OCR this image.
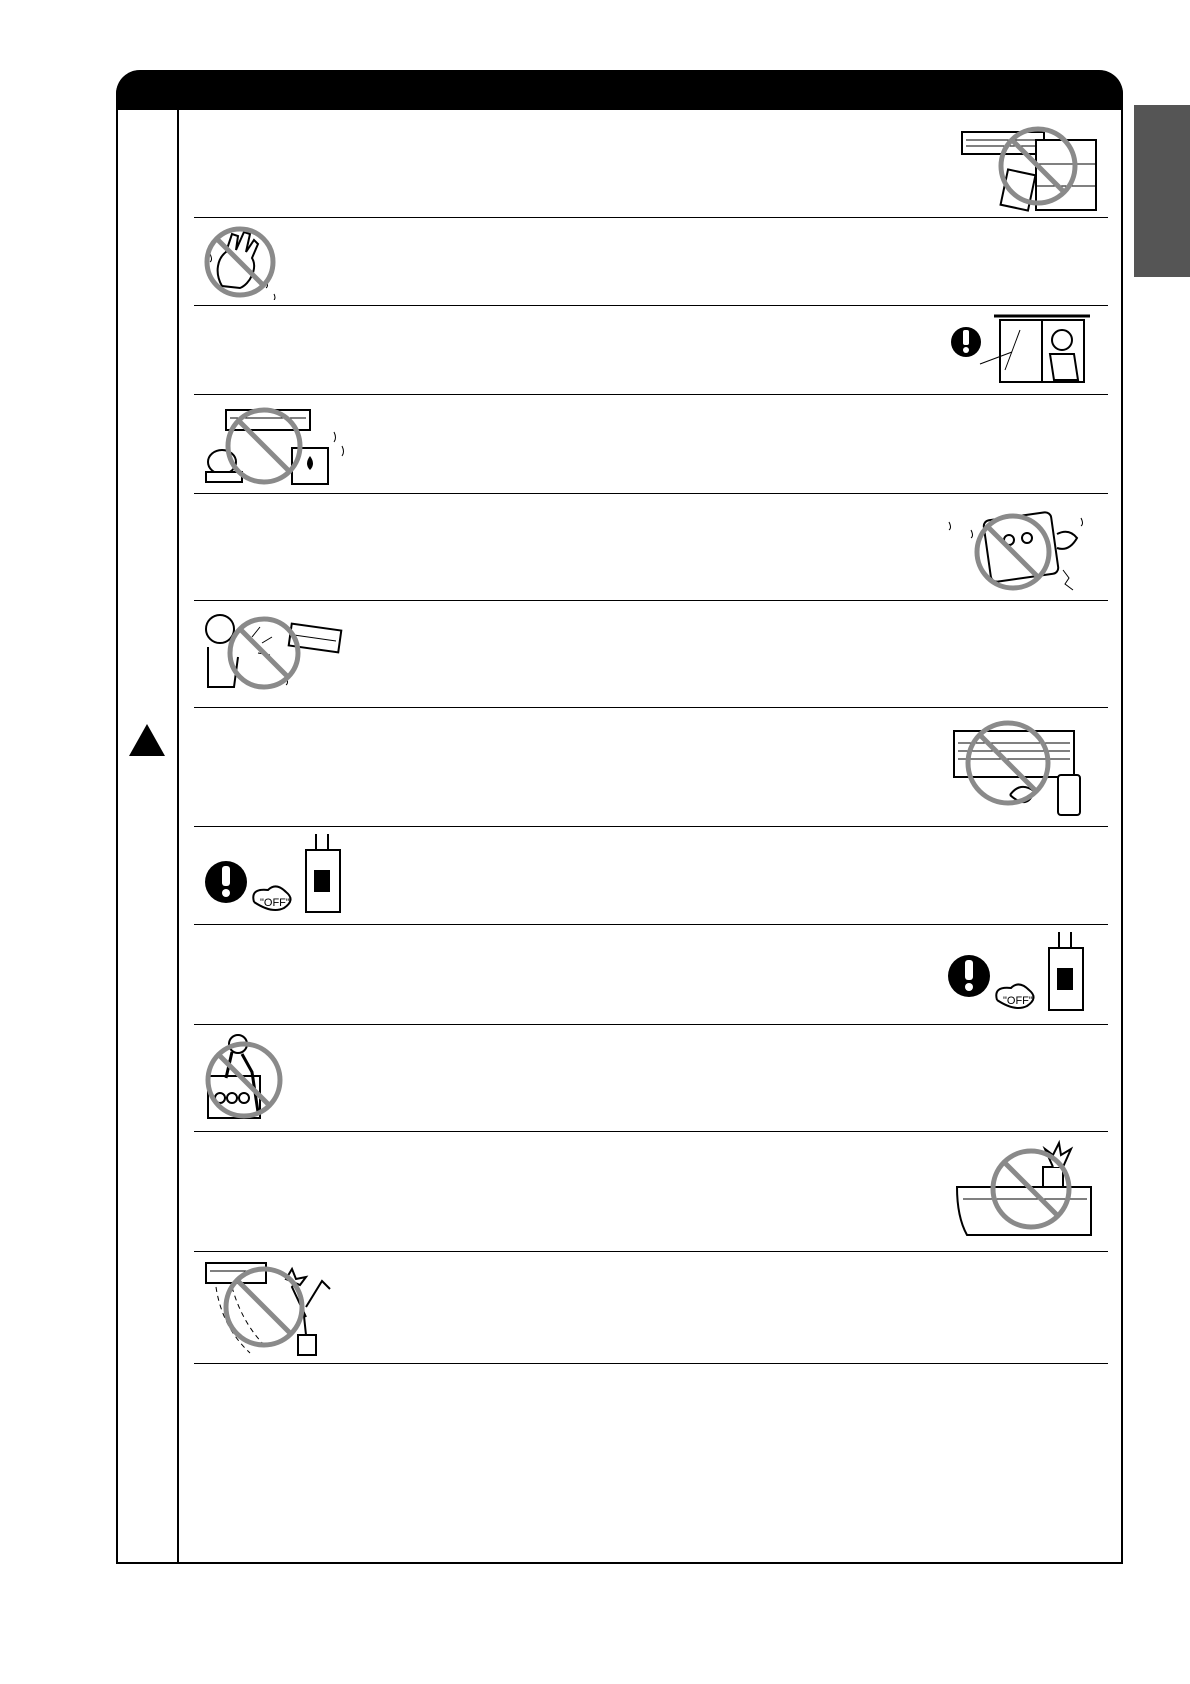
"OFF"
"OFF"
